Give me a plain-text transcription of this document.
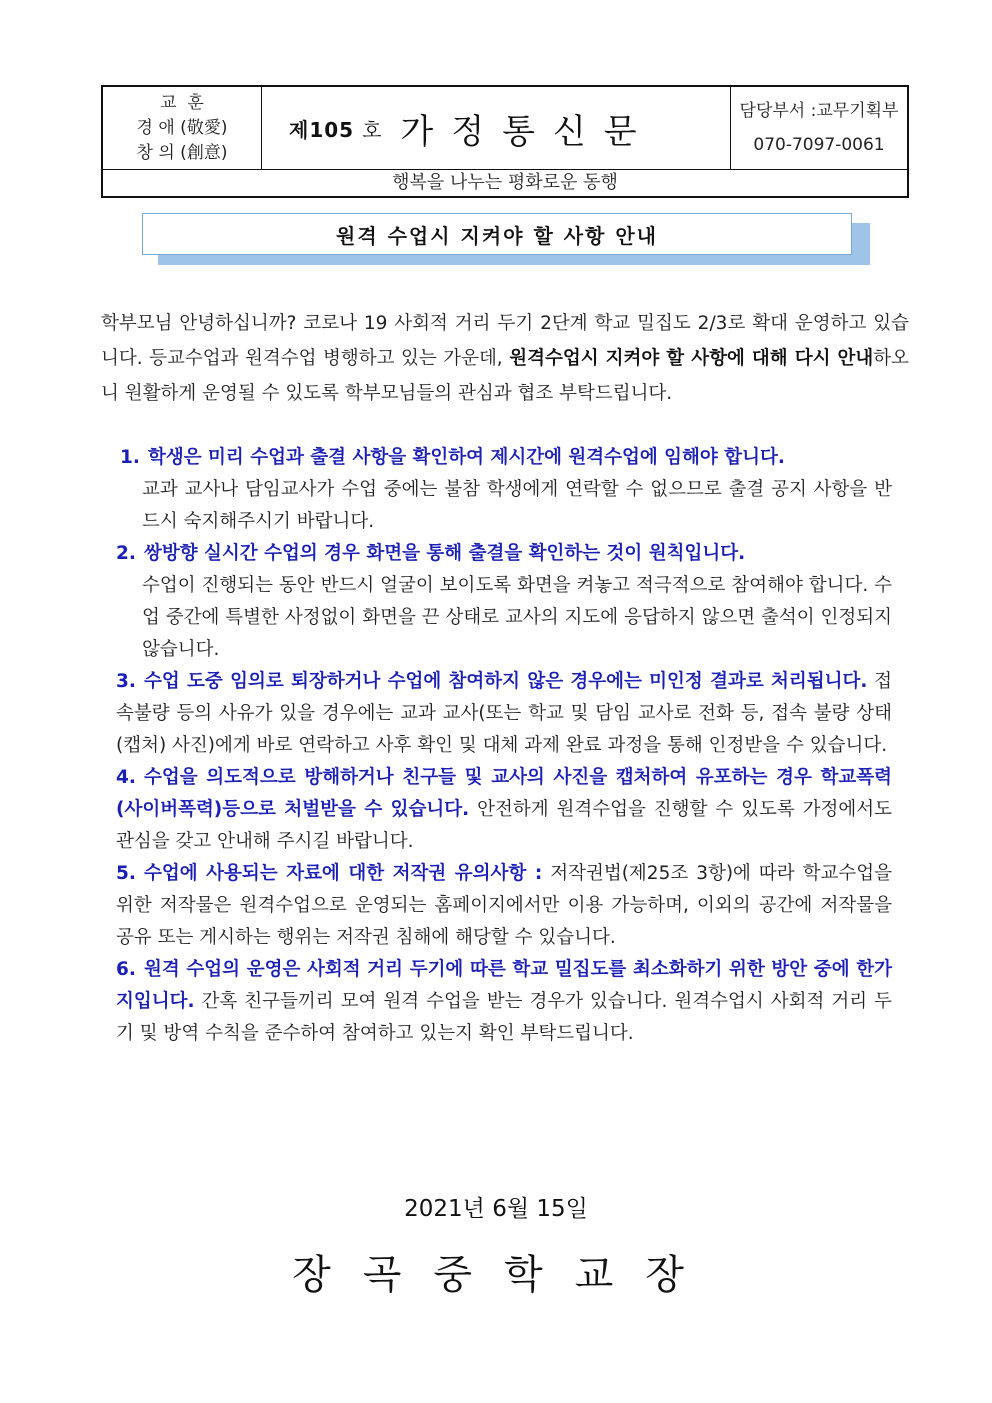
교  훈
경 애 (敬愛)
창 의 (創意)
제105 호 가정통신문
담당부서 :교무기획부
070-7097-0061
행복을 나누는 평화로운 동행
원격 수업시 지켜야 할 사항 안내
학부모님 안녕하십니까? 코로나 19 사회적 거리 두기 2단계 학교 밀집도 2/3로 확대 운영하고 있습니다. 등교수업과 원격수업 병행하고 있는 가운데, 원격수업시 지켜야 할 사항에 대해 다시 안내하오니 원활하게 운영될 수 있도록 학부모님들의 관심과 협조 부탁드립니다.
1. 학생은 미리 수업과 출결 사항을 확인하여 제시간에 원격수업에 임해야 합니다.
교과 교사나 담임교사가 수업 중에는 불참 학생에게 연락할 수 없으므로 출결 공지 사항을 반드시 숙지해주시기 바랍니다.
2. 쌍방향 실시간 수업의 경우 화면을 통해 출결을 확인하는 것이 원칙입니다.
수업이 진행되는 동안 반드시 얼굴이 보이도록 화면을 켜놓고 적극적으로 참여해야 합니다. 수업 중간에 특별한 사정없이 화면을 끈 상태로 교사의 지도에 응답하지 않으면 출석이 인정되지 않습니다.
3. 수업 도중 임의로 퇴장하거나 수업에 참여하지 않은 경우에는 미인정 결과로 처리됩니다. 접속불량 등의 사유가 있을 경우에는 교과 교사(또는 학교 및 담임 교사로 전화 등, 접속 불량 상태 (캡처) 사진)에게 바로 연락하고 사후 확인 및 대체 과제 완료 과정을 통해 인정받을 수 있습니다.
4. 수업을 의도적으로 방해하거나 친구들 및 교사의 사진을 캡처하여 유포하는 경우 학교폭력(사이버폭력)등으로 처벌받을 수 있습니다. 안전하게 원격수업을 진행할 수 있도록 가정에서도 관심을 갖고 안내해 주시길 바랍니다.
5. 수업에 사용되는 자료에 대한 저작권 유의사항 : 저작권법(제25조 3항)에 따라 학교수업을 위한 저작물은 원격수업으로 운영되는 홈페이지에서만 이용 가능하며, 이외의 공간에 저작물을 공유 또는 게시하는 행위는 저작권 침해에 해당할 수 있습니다.
6. 원격 수업의 운영은 사회적 거리 두기에 따른 학교 밀집도를 최소화하기 위한 방안 중에 한가지입니다. 간혹 친구들끼리 모여 원격 수업을 받는 경우가 있습니다. 원격수업시 사회적 거리 두기 및 방역 수칙을 준수하여 참여하고 있는지 확인 부탁드립니다.
2021년 6월 15일
장곡중학교장
